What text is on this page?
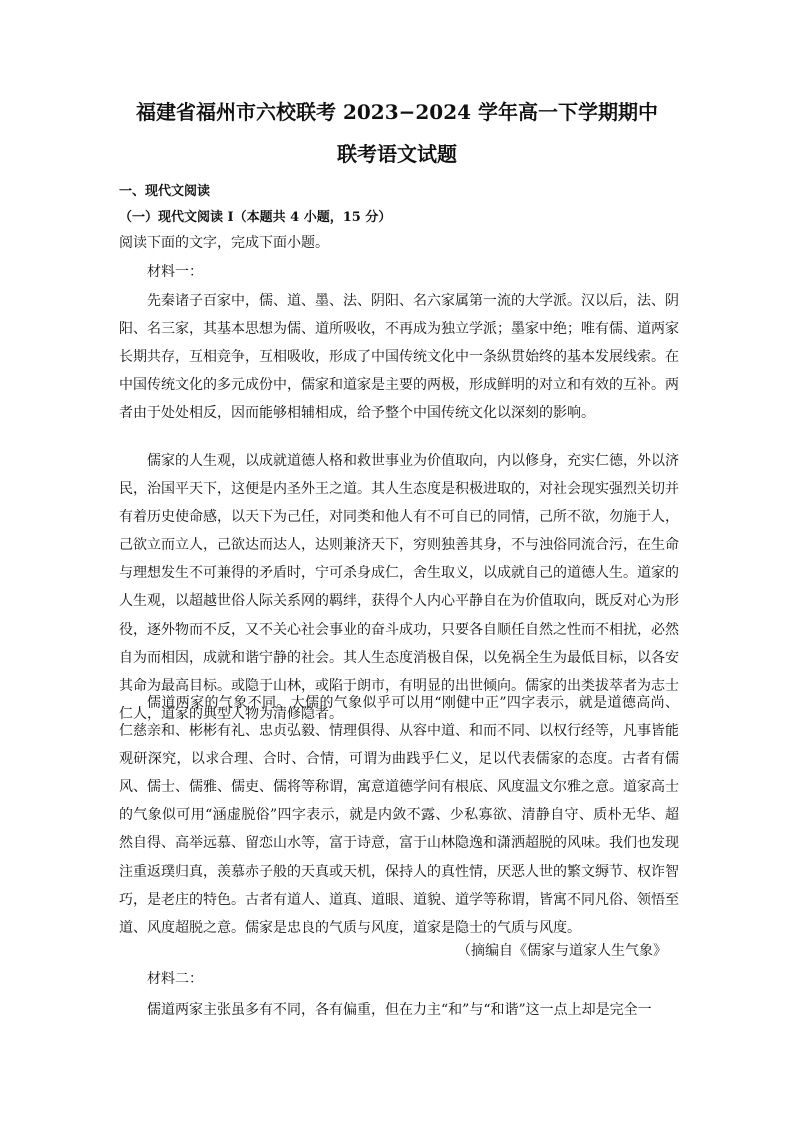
福建省福州市六校联考 2023−2024 学年高一下学期期中
联考语文试题
一、现代文阅读
（一）现代文阅读 I（本题共 4 小题，15 分）
阅读下面的文字，完成下面小题。
材料一：

先秦诸子百家中，儒、道、墨、法、阴阳、名六家属第一流的大学派。汉以后，法、阴阳、名三家，其基本思想为儒、道所吸收，不再成为独立学派；墨家中绝；唯有儒、道两家长期共存，互相竞争，互相吸收，形成了中国传统文化中一条纵贯始终的基本发展线索。在中国传统文化的多元成份中，儒家和道家是主要的两极，形成鲜明的对立和有效的互补。两者由于处处相反，因而能够相辅相成，给予整个中国传统文化以深刻的影响。

儒家的人生观，以成就道德人格和救世事业为价值取向，内以修身，充实仁德，外以济民，治国平天下，这便是内圣外王之道。其人生态度是积极进取的，对社会现实强烈关切并有着历史使命感，以天下为己任，对同类和他人有不可自已的同情，己所不欲，勿施于人，己欲立而立人，己欲达而达人，达则兼济天下，穷则独善其身，不与浊俗同流合污，在生命与理想发生不可兼得的矛盾时，宁可杀身成仁，舍生取义，以成就自己的道德人生。道家的人生观，以超越世俗人际关系网的羁绊，获得个人内心平静自在为价值取向，既反对心为形役，逐外物而不反，又不关心社会事业的奋斗成功，只要各自顺任自然之性而不相扰，必然自为而相因，成就和谐宁静的社会。其人生态度消极自保，以免祸全生为最低目标，以各安其命为最高目标。或隐于山林，或陷于朗市，有明显的出世倾向。儒家的出类拔萃者为志士仁人，道家的典型人物为清修隐者。

儒道两家的气象不同。大儒的气象似乎可以用“刚健中正”四字表示，就是道德高尚、仁慈亲和、彬彬有礼、忠贞弘毅、情理俱得、从容中道、和而不同、以权行经等，凡事皆能观研深究，以求合理、合时、合情，可谓为曲践乎仁义，足以代表儒家的态度。古者有儒风、儒士、儒雅、儒吏、儒将等称谓，寓意道德学问有根底、风度温文尔雅之意。道家高士的气象似可用“涵虚脱俗”四字表示，就是内敛不露、少私寡欲、清静自守、质朴无华、超然自得、高举远慕、留恋山水等，富于诗意，富于山林隐逸和潇洒超脱的风味。我们也发现注重返璞归真，羡慕赤子般的天真或天机，保持人的真性情，厌恶人世的繁文缛节、权诈智巧，是老庄的特色。古者有道人、道真、道眼、道貌、道学等称谓，皆寓不同凡俗、领悟至道、风度超脱之意。儒家是忠良的气质与风度，道家是隐士的气质与风度。

（摘编自《儒家与道家人生气象》
材料二：

儒道两家主张虽多有不同，各有偏重，但在力主“和”与“和谐”这一点上却是完全一
